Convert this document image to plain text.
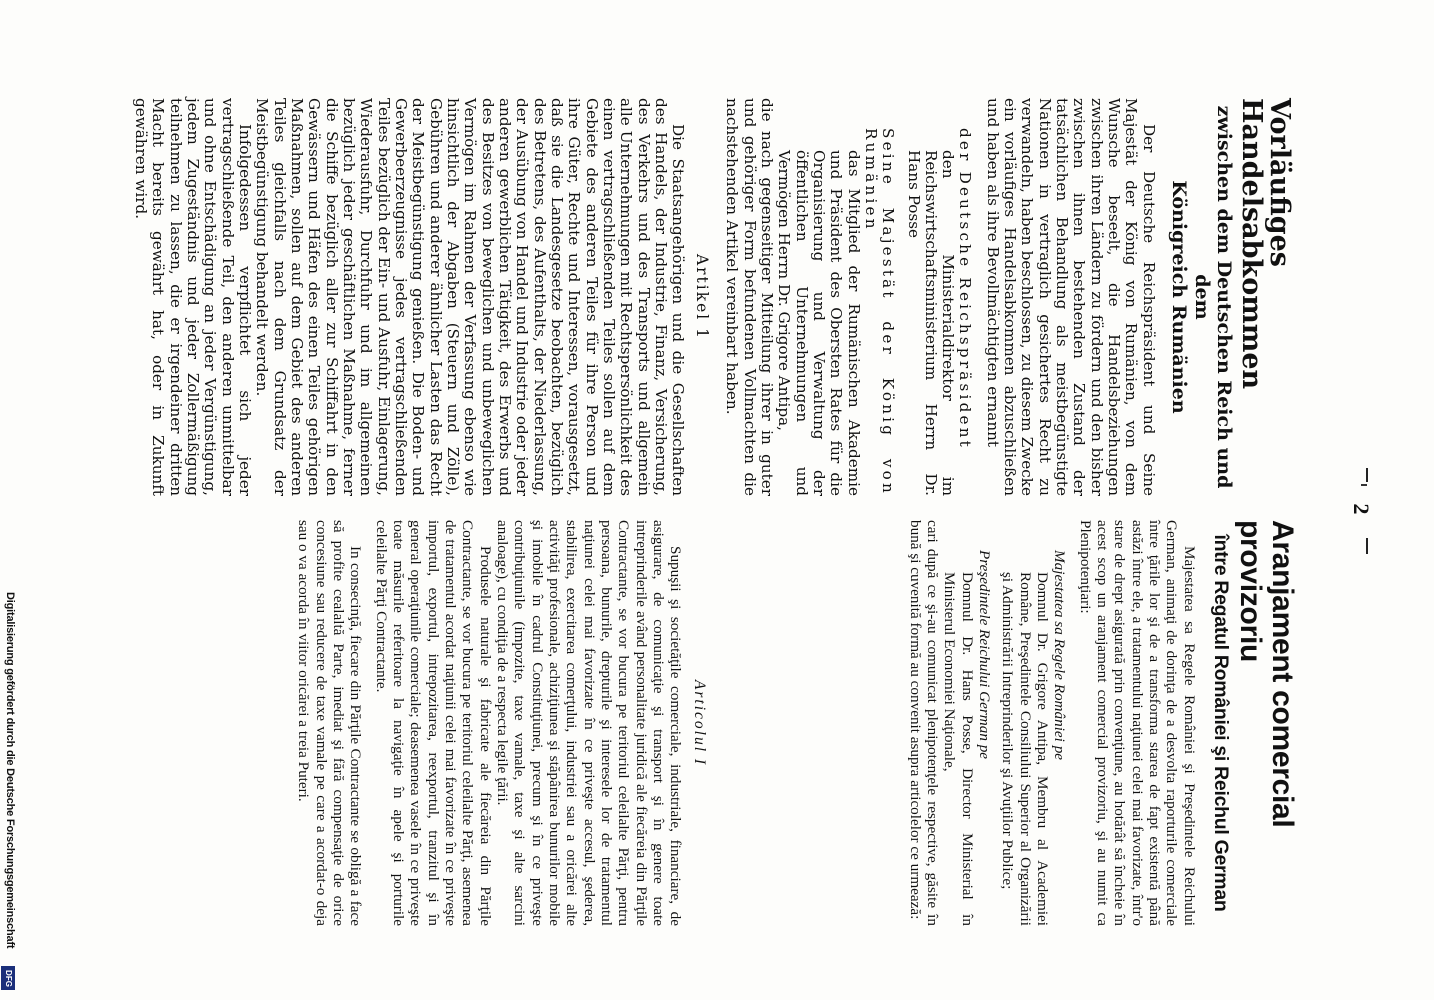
Vorläufiges Handelsabkommen
zwischen dem Deutschen Reich und dem
Königreich Rumänien

Der Deutsche Reichspräsident und Seine Majestät der König von Rumänien, von dem Wunsche beseelt, die Handelsbeziehungen zwischen ihren Ländern zu fördern und den bisher zwischen ihnen bestehenden Zustand der tatsächlichen Behandlung als meistbegünstigte Nationen in vertraglich gesichertes Recht zu verwandeln, haben beschlossen, zu diesem Zwecke ein vorläufiges Handelsabkommen abzuschließen und haben als ihre Bevollmächtigten ernannt

der Deutsche Reichspräsident

den Ministerialdirektor im Reichswirtschaftsministerium Herrn Dr. Hans Posse

Seine Majestät der König von Rumänien

das Mitglied der Rumänischen Akademie und Präsident des Obersten Rates für die Organisierung und Verwaltung der öffentlichen Unternehmungen und Vermögen Herrn Dr. Grigore Antipa,

die nach gegenseitiger Mitteilung ihrer in guter und gehöriger Form befundenen Vollmachten die nachstehenden Artikel vereinbart haben.

Artikel 1

Die Staatsangehörigen und die Gesellschaften des Handels, der Industrie, Finanz, Versicherung, des Verkehrs und des Transports und allgemein alle Unternehmungen mit Rechtspersönlichkeit des einen vertragschließenden Teiles sollen auf dem Gebiete des anderen Teiles für ihre Person und ihre Güter, Rechte und Interessen, vorausgesetzt, daß sie die Landesgesetze beobachten, bezüglich des Betretens, des Aufenthalts, der Niederlassung, der Ausübung von Handel und Industrie oder jeder anderen gewerblichen Tätigkeit, des Erwerbs und des Besitzes von beweglichen und unbeweglichen Vermögen im Rahmen der Verfassung ebenso wie hinsichtlich der Abgaben (Steuern und Zölle), Gebühren und anderer ähnlicher Lasten das Recht der Meistbegünstigung genießen. Die Boden- und Gewerbeerzeugnisse jedes vertragschließenden Teiles bezüglich der Ein- und Ausfuhr, Einlagerung, Wiederausfuhr, Durchfuhr und im allgemeinen bezüglich jeder geschäftlichen Maßnahme, ferner die Schiffe bezüglich aller zur Schiffahrt in den Gewässern und Häfen des einen Teiles gehörigen Maßnahmen, sollen auf dem Gebiet des anderen Teiles gleichfalls nach dem Grundsatz der Meistbegünstigung behandelt werden.

Infolgedessen verpflichtet sich jeder vertragschließende Teil, den anderen unmittelbar und ohne Entschädigung an jeder Vergünstigung, jedem Zugeständnis und jeder Zollermäßigung teilnehmen zu lassen, die er irgendeiner dritten Macht bereits gewährt hat, oder in Zukunft gewähren wird.

Aranjament comercial provizoriu
între Regatul României şi Reichul German

Majestatea sa Regele României şi Preşedintele Reichului German, animaţi de dorinţa de a desvolta raporturile comerciale între ţările lor şi de a transforma starea de fapt existentă până astăzi între ele, a tratamentului naţiunei celei mai favorizate, într'o stare de drept asigurată prin convenţiune, au hotărât să încheie în acest scop un aranjament comercial provizoriu, şi au numit ca Plenipotenţiari:

Majestatea sa Regele României pe

Domnul Dr. Grigore Antipa, Membru al Academiei Române, Preşedintele Consiliului Superior al Organizării şi Administrării Intreprinderilor şi Avuţiilor Publice;

Preşedintele Reichului German pe

Domnul Dr. Hans Posse, Director Ministerial în Ministerul Economiei Naţionale,

cari după ce şi-au comunicat plenipotenţele respective, găsite în bună şi cuvenită formă au convenit asupra articolelor ce urmează:

Articolul I

Supuşii şi societăţile comerciale, industriale, financiare, de asigurare, de comunicaţie şi transport şi în genere toate intreprinderile având personalitate juridică ale fiecăreia din Părţile Contractante, se vor bucura pe teritoriul celeilalte Părţi, pentru persoana, bunurile, drepturile şi interesele lor de tratamentul naţiunei celei mai favorizate în ce priveşte accesul, şederea, stabilirea, exercitarea comerţului, industriei sau a oricărei alte activităţi profesionale, achiziţiunea şi stăpânirea bunurilor mobile şi imobile în cadrul Constituţiunei, precum şi în ce priveşte contribuţiunile (impozite, taxe vamale, taxe şi alte sarcini analoage), cu condiţia de a respecta legile ţării.

Produsele naturale şi fabricate ale fiecăreia din Părţile Contractante, se vor bucura pe teritoriul celeilalte Părţi, asemenea de tratamentul acordat naţiunii celei mai favorizate în ce priveşte importul, exportul, intrepozitarea, reexportul, tranzitul şi în general operaţiunile comerciale; deasemenea vasele în ce priveşte toate măsurile referitoare la navigaţie în apele şi porturile celeilalte Părţi Contractante.

In consecinţă, fiecare din Părţile Contractante se obligă a face să profite cealaltă Parte, imediat şi fără compensaţie de orice concesiune sau reducere de taxe vamale pe care a acordat-o deja sau o va acorda în viitor oricărei a treia Puteri.

2
Digitalisierung gefördert durch die Deutsche Forschungsgemeinschaft
DFG
